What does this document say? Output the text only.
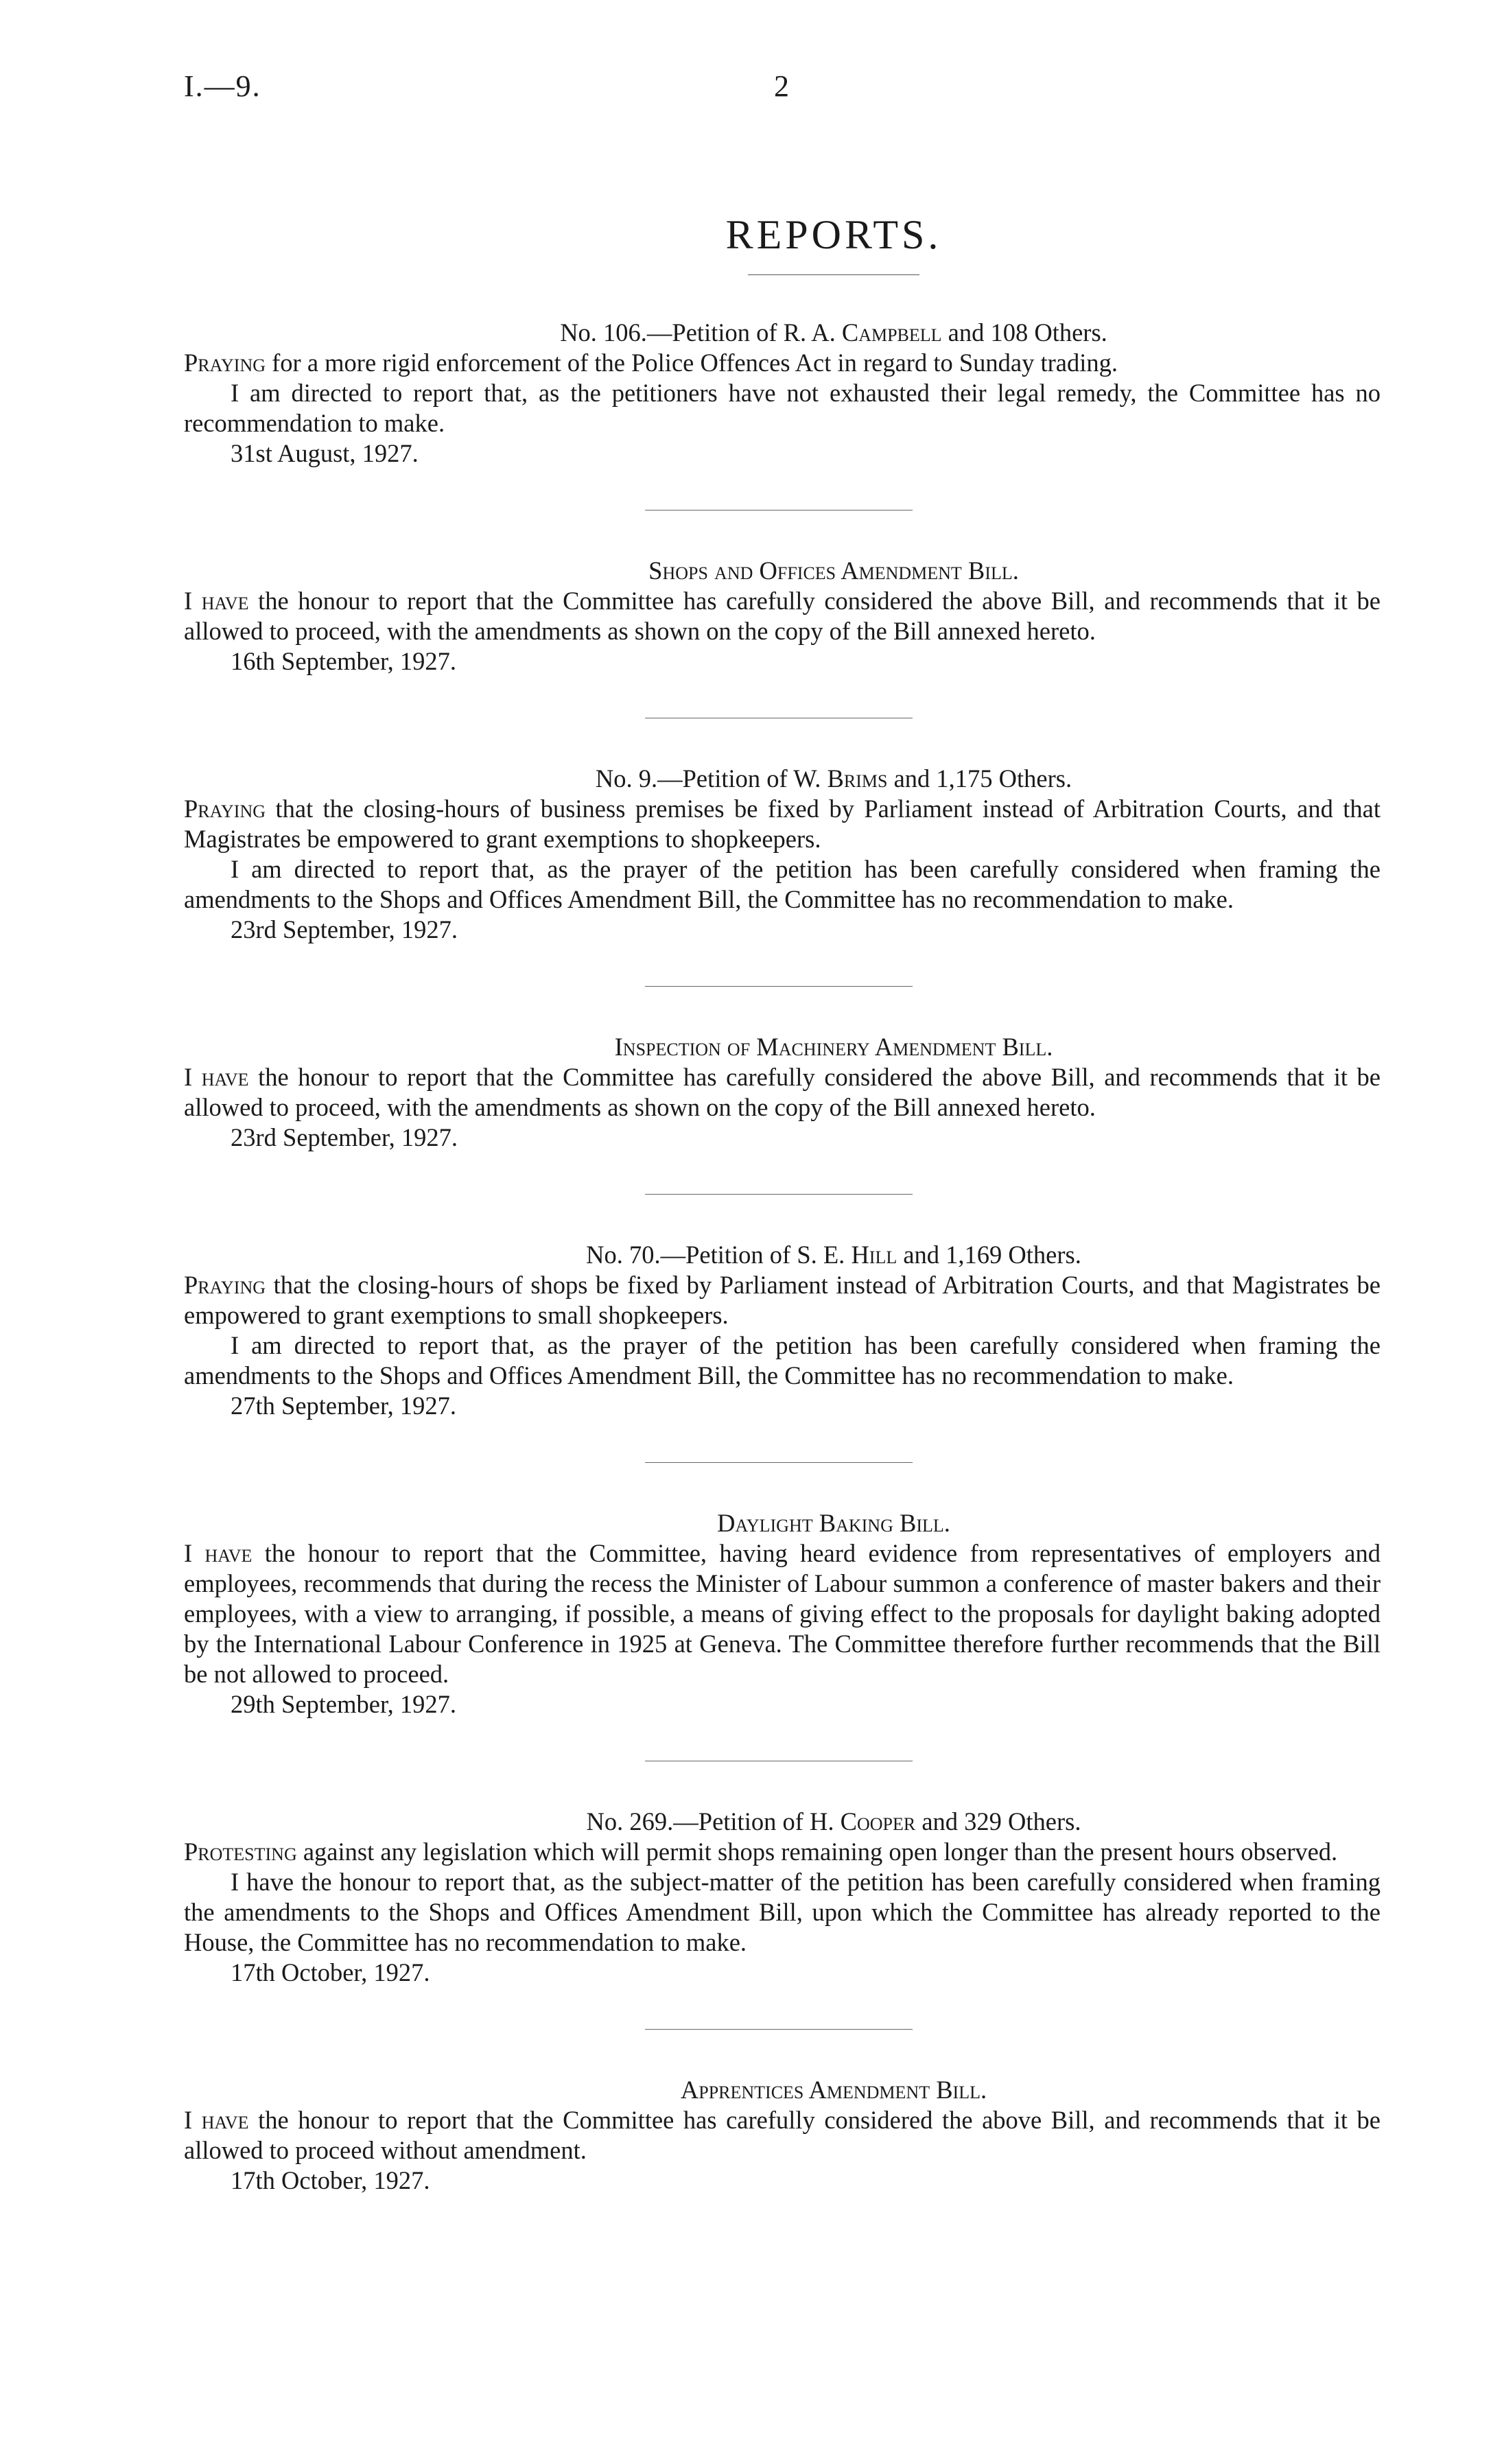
I.—9.	2
REPORTS.
No. 106.—Petition of R. A. Campbell and 108 Others.

Praying for a more rigid enforcement of the Police Offences Act in regard to Sunday trading.

I am directed to report that, as the petitioners have not exhausted their legal remedy, the Committee has no recommendation to make.

31st August, 1927.

Shops and Offices Amendment Bill.

I have the honour to report that the Committee has carefully considered the above Bill, and recommends that it be allowed to proceed, with the amendments as shown on the copy of the Bill annexed hereto.

16th September, 1927.

No. 9.—Petition of W. Brims and 1,175 Others.

Praying that the closing-hours of business premises be fixed by Parliament instead of Arbitration Courts, and that Magistrates be empowered to grant exemptions to shopkeepers.

I am directed to report that, as the prayer of the petition has been carefully considered when framing the amendments to the Shops and Offices Amendment Bill, the Committee has no recommendation to make.

23rd September, 1927.

Inspection of Machinery Amendment Bill.

I have the honour to report that the Committee has carefully considered the above Bill, and recommends that it be allowed to proceed, with the amendments as shown on the copy of the Bill annexed hereto.

23rd September, 1927.

No. 70.—Petition of S. E. Hill and 1,169 Others.

Praying that the closing-hours of shops be fixed by Parliament instead of Arbitration Courts, and that Magistrates be empowered to grant exemptions to small shopkeepers.

I am directed to report that, as the prayer of the petition has been carefully considered when framing the amendments to the Shops and Offices Amendment Bill, the Committee has no recommendation to make.

27th September, 1927.

Daylight Baking Bill.

I have the honour to report that the Committee, having heard evidence from representatives of employers and employees, recommends that during the recess the Minister of Labour summon a conference of master bakers and their employees, with a view to arranging, if possible, a means of giving effect to the proposals for daylight baking adopted by the International Labour Conference in 1925 at Geneva. The Committee therefore further recommends that the Bill be not allowed to proceed.

29th September, 1927.

No. 269.—Petition of H. Cooper and 329 Others.

Protesting against any legislation which will permit shops remaining open longer than the present hours observed.

I have the honour to report that, as the subject-matter of the petition has been carefully considered when framing the amendments to the Shops and Offices Amendment Bill, upon which the Committee has already reported to the House, the Committee has no recommendation to make.

17th October, 1927.

Apprentices Amendment Bill.

I have the honour to report that the Committee has carefully considered the above Bill, and recommends that it be allowed to proceed without amendment.

17th October, 1927.
